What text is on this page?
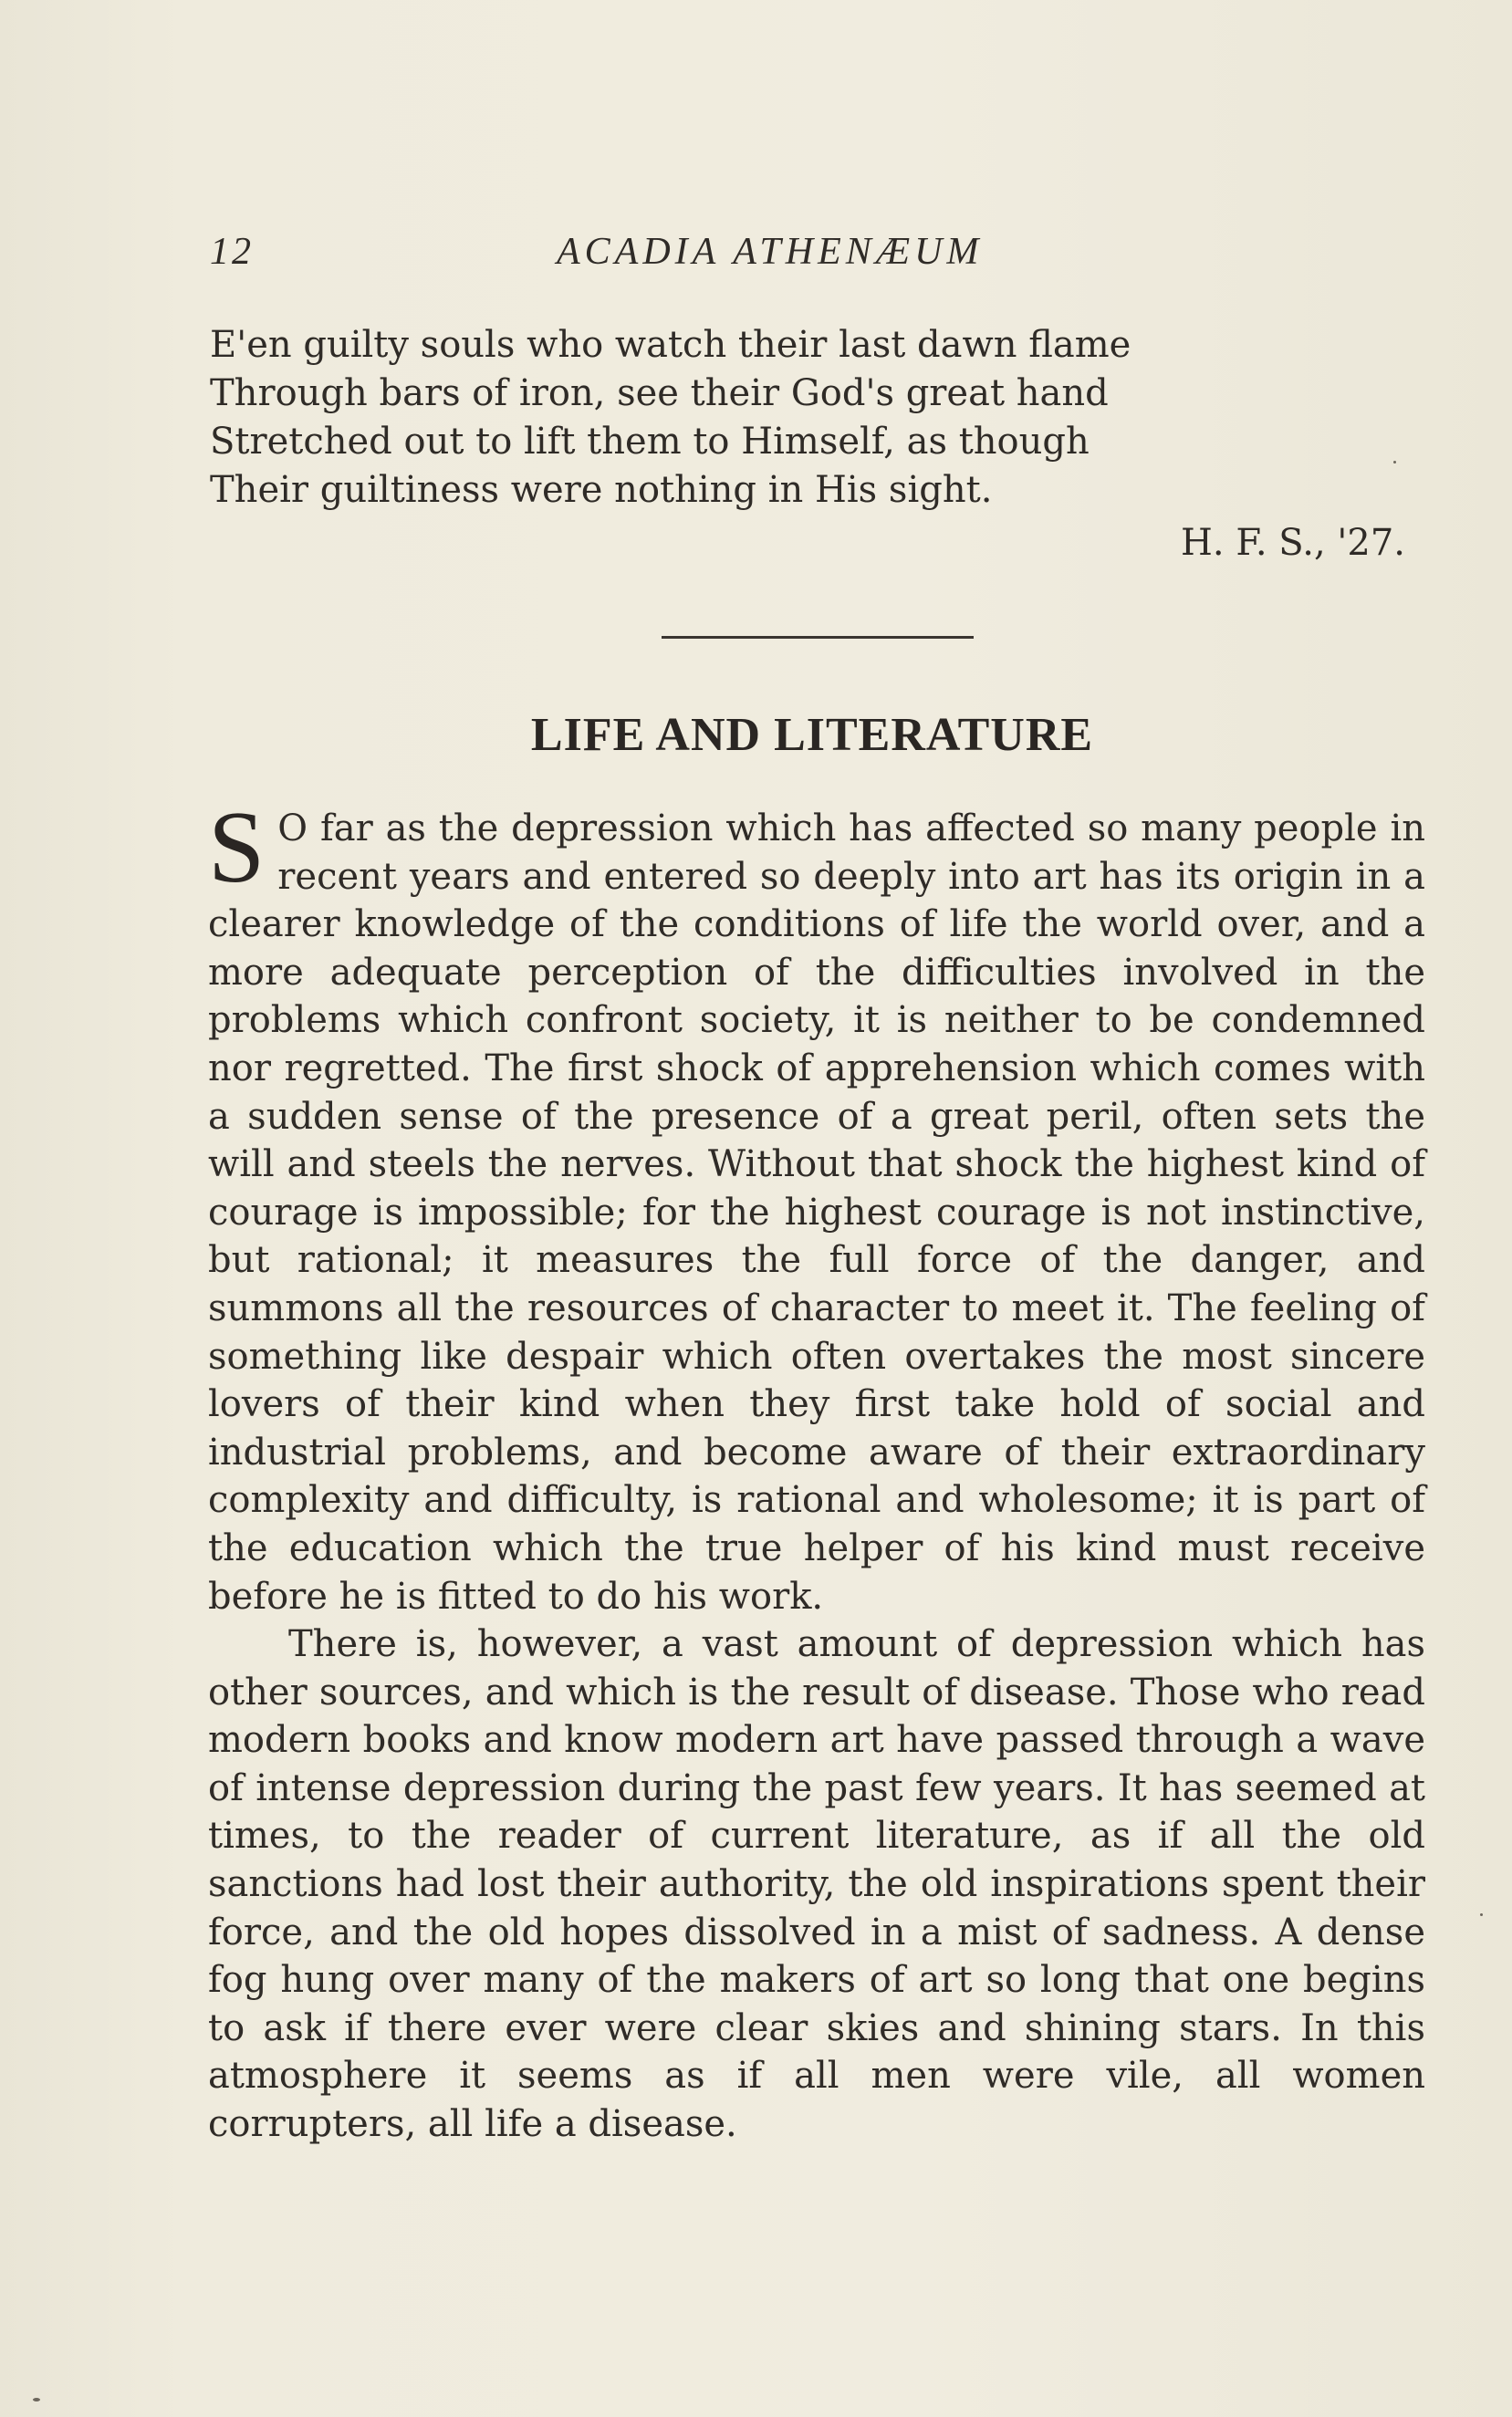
12	ACADIA ATHENÆUM
E'en guilty souls who watch their last dawn flame
Through bars of iron, see their God's great hand
Stretched out to lift them to Himself, as though
Their guiltiness were nothing in His sight.
H. F. S., '27.
LIFE AND LITERATURE

S O far as the depression which has affected so many people in recent years and entered so deeply into art has its origin in a clearer knowledge of the conditions of life the world over, and a more adequate perception of the difficulties involved in the problems which confront society, it is neither to be condemned nor regretted. The first shock of apprehension which comes with a sudden sense of the presence of a great peril, often sets the will and steels the nerves. Without that shock the highest kind of courage is impossible; for the highest courage is not instinctive, but rational; it measures the full force of the danger, and summons all the resources of character to meet it. The feeling of something like despair which often overtakes the most sincere lovers of their kind when they first take hold of social and industrial problems, and become aware of their extraordinary complexity and difficulty, is rational and wholesome; it is part of the education which the true helper of his kind must receive before he is fitted to do his work.

There is, however, a vast amount of depression which has other sources, and which is the result of disease. Those who read modern books and know modern art have passed through a wave of intense depression during the past few years. It has seemed at times, to the reader of current literature, as if all the old sanctions had lost their authority, the old inspirations spent their force, and the old hopes dissolved in a mist of sadness. A dense fog hung over many of the makers of art so long that one begins to ask if there ever were clear skies and shining stars. In this atmosphere it seems as if all men were vile, all women corrupters, all life a disease.
